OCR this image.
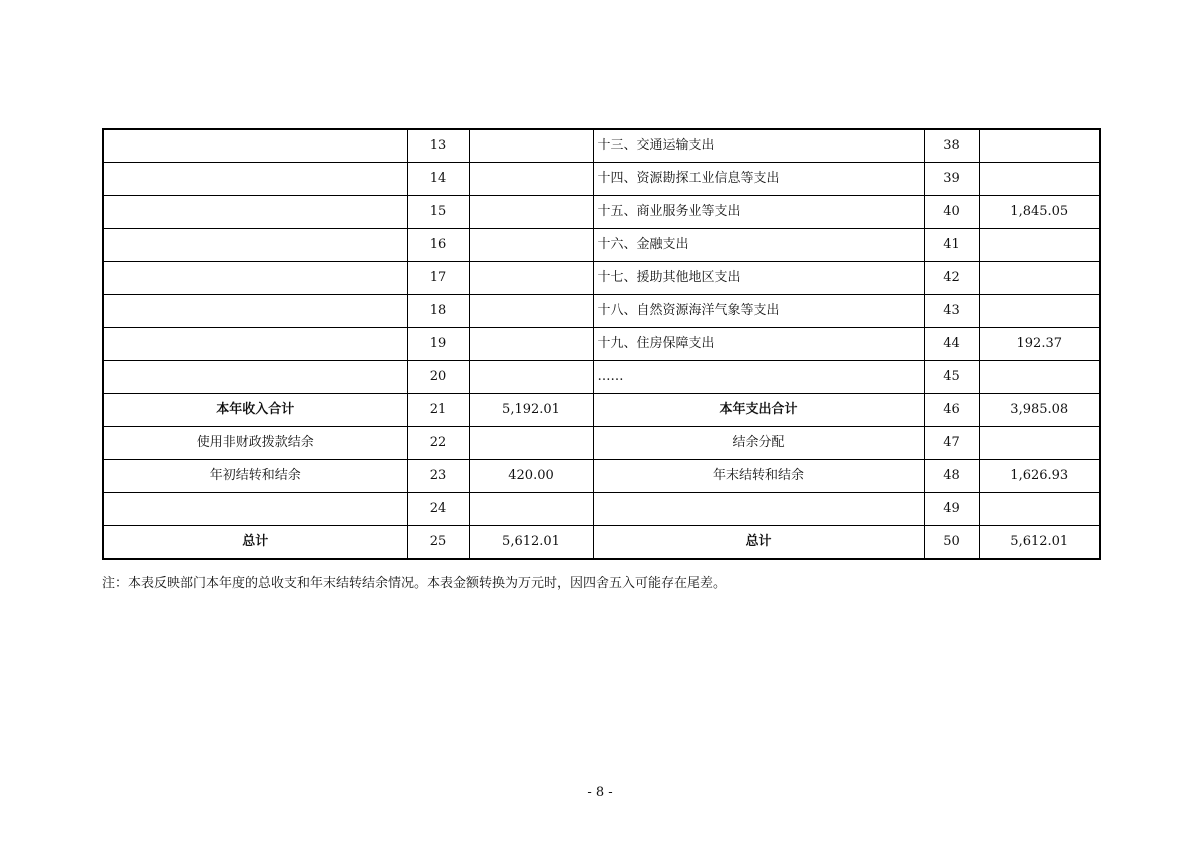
	13		十三、交通运输支出	38	
	14		十四、资源勘探工业信息等支出	39	
	15		十五、商业服务业等支出	40	1,845.05
	16		十六、金融支出	41	
	17		十七、援助其他地区支出	42	
	18		十八、自然资源海洋气象等支出	43	
	19		十九、住房保障支出	44	192.37
	20		……	45	
本年收入合计	21	5,192.01	本年支出合计	46	3,985.08
使用非财政拨款结余	22		结余分配	47	
年初结转和结余	23	420.00	年末结转和结余	48	1,626.93
	24			49	
总计	25	5,612.01	总计	50	5,612.01
注：本表反映部门本年度的总收支和年末结转结余情况。本表金额转换为万元时，因四舍五入可能存在尾差。
- 8 -
